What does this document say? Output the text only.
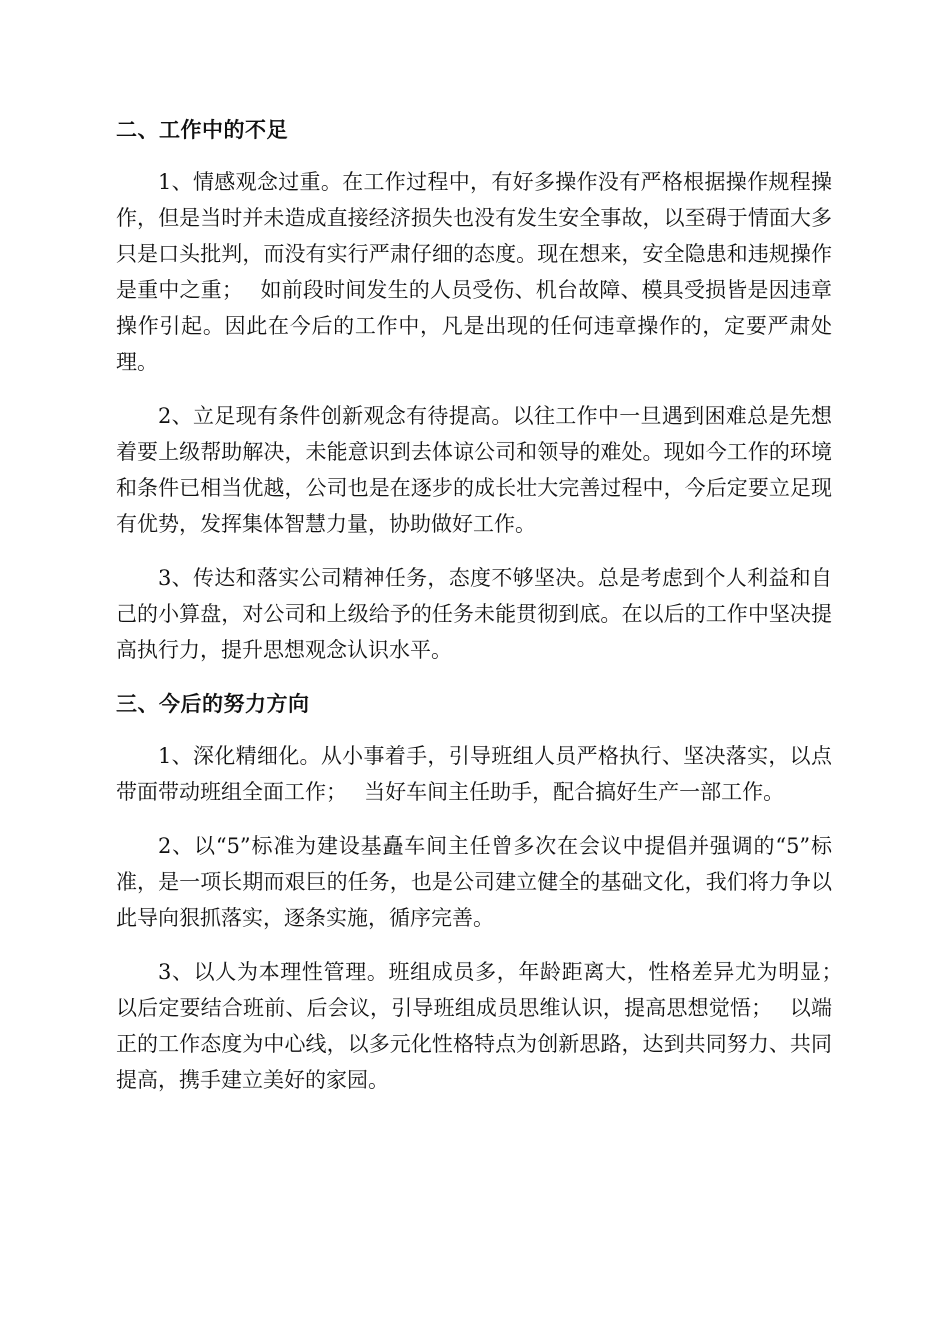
二、工作中的不足

1、情感观念过重。在工作过程中，有好多操作没有严格根据操作规程操作，但是当时并未造成直接经济损失也没有发生安全事故，以至碍于情面大多只是口头批判，而没有实行严肃仔细的态度。现在想来，安全隐患和违规操作是重中之重；　 如前段时间发生的人员受伤、机台故障、模具受损皆是因违章操作引起。因此在今后的工作中，凡是出现的任何违章操作的，定要严肃处理。

2、立足现有条件创新观念有待提高。以往工作中一旦遇到困难总是先想着要上级帮助解决，未能意识到去体谅公司和领导的难处。现如今工作的环境和条件已相当优越，公司也是在逐步的成长壮大完善过程中，今后定要立足现有优势，发挥集体智慧力量，协助做好工作。

3、传达和落实公司精神任务，态度不够坚决。总是考虑到个人利益和自己的小算盘，对公司和上级给予的任务未能贯彻到底。在以后的工作中坚决提高执行力，提升思想观念认识水平。

三、今后的努力方向

1、深化精细化。从小事着手，引导班组人员严格执行、坚决落实，以点带面带动班组全面工作；　 当好车间主任助手，配合搞好生产一部工作。

2、以“5”标准为建设基矗车间主任曾多次在会议中提倡并强调的“5”标准，是一项长期而艰巨的任务，也是公司建立健全的基础文化，我们将力争以此导向狠抓落实，逐条实施，循序完善。

3、以人为本理性管理。班组成员多，年龄距离大，性格差异尤为明显；　 以后定要结合班前、后会议，引导班组成员思维认识，提高思想觉悟；　 以端正的工作态度为中心线，以多元化性格特点为创新思路，达到共同努力、共同提高，携手建立美好的家园。
